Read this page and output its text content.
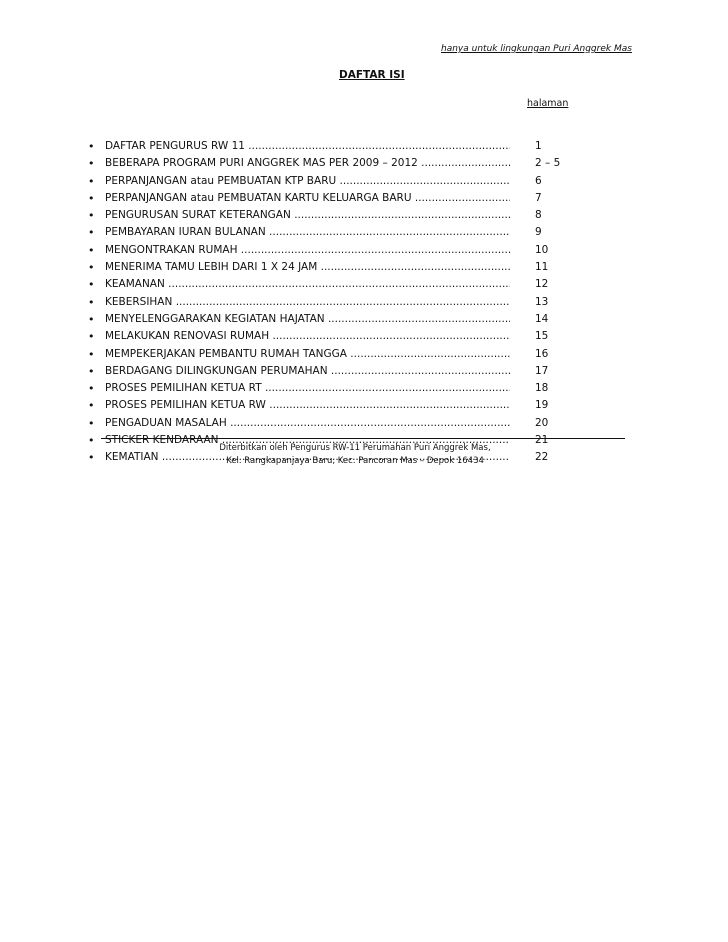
hanya untuk lingkungan Puri Anggrek Mas
DAFTAR ISI
halaman
• DAFTAR PENGURUS RW 11 .....	1
• BEBERAPA PROGRAM PURI ANGGREK MAS PER 2009 – 2012 .....	2 – 5
• PERPANJANGAN atau PEMBUATAN KTP BARU .....	6
• PERPANJANGAN atau PEMBUATAN KARTU KELUARGA BARU .....	7
• PENGURUSAN SURAT KETERANGAN .....	8
• PEMBAYARAN IURAN BULANAN .....	9
• MENGONTRAKAN RUMAH .....	10
• MENERIMA TAMU LEBIH DARI 1 X 24 JAM .....	11
• KEAMANAN .....	12
• KEBERSIHAN .....	13
• MENYELENGGARAKAN KEGIATAN HAJATAN .....	14
• MELAKUKAN RENOVASI RUMAH .....	15
• MEMPEKERJAKAN PEMBANTU RUMAH TANGGA .....	16
• BERDAGANG DILINGKUNGAN PERUMAHAN .....	17
• PROSES PEMILIHAN KETUA RT .....	18
• PROSES PEMILIHAN KETUA RW .....	19
• PENGADUAN MASALAH .....	20
• STICKER KENDARAAN .....	21
• KEMATIAN .....	22
Diterbitkan oleh Pengurus RW-11 Perumahan Puri Anggrek Mas,
Kel. Rangkapanjaya Baru, Kec. Pancoran Mas – Depok 16434
